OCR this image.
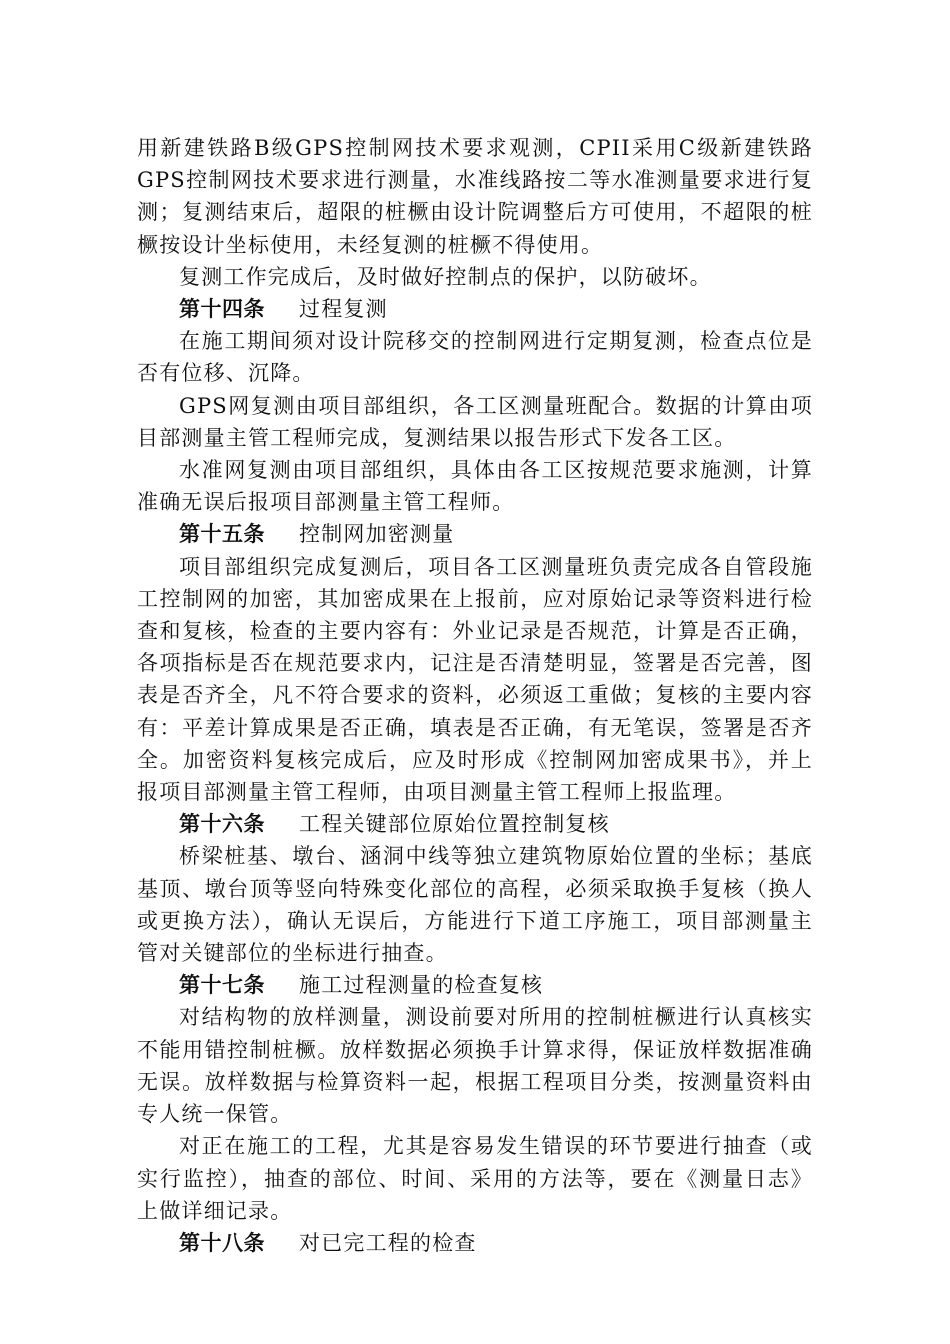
用新建铁路B级GPS控制网技术要求观测，CPII采用C级新建铁路GPS控制网技术要求进行测量，水准线路按二等水准测量要求进行复测；复测结束后，超限的桩橛由设计院调整后方可使用，不超限的桩橛按设计坐标使用，未经复测的桩橛不得使用。

复测工作完成后，及时做好控制点的保护，以防破坏。

第十四条 过程复测

在施工期间须对设计院移交的控制网进行定期复测，检查点位是否有位移、沉降。

GPS网复测由项目部组织，各工区测量班配合。数据的计算由项目部测量主管工程师完成，复测结果以报告形式下发各工区。

水准网复测由项目部组织，具体由各工区按规范要求施测，计算准确无误后报项目部测量主管工程师。

第十五条 控制网加密测量

项目部组织完成复测后，项目各工区测量班负责完成各自管段施工控制网的加密，其加密成果在上报前，应对原始记录等资料进行检查和复核，检查的主要内容有：外业记录是否规范，计算是否正确，各项指标是否在规范要求内，记注是否清楚明显，签署是否完善，图表是否齐全，凡不符合要求的资料，必须返工重做；复核的主要内容有：平差计算成果是否正确，填表是否正确，有无笔误，签署是否齐全。加密资料复核完成后，应及时形成《控制网加密成果书》，并上报项目部测量主管工程师，由项目测量主管工程师上报监理。

第十六条 工程关键部位原始位置控制复核

桥梁桩基、墩台、涵洞中线等独立建筑物原始位置的坐标；基底基顶、墩台顶等竖向特殊变化部位的高程，必须采取换手复核（换人或更换方法），确认无误后，方能进行下道工序施工，项目部测量主管对关键部位的坐标进行抽查。

第十七条 施工过程测量的检查复核

对结构物的放样测量，测设前要对所用的控制桩橛进行认真核实不能用错控制桩橛。放样数据必须换手计算求得，保证放样数据准确无误。放样数据与检算资料一起，根据工程项目分类，按测量资料由专人统一保管。

对正在施工的工程，尤其是容易发生错误的环节要进行抽查（或实行监控），抽查的部位、时间、采用的方法等，要在《测量日志》上做详细记录。

第十八条 对已完工程的检查
